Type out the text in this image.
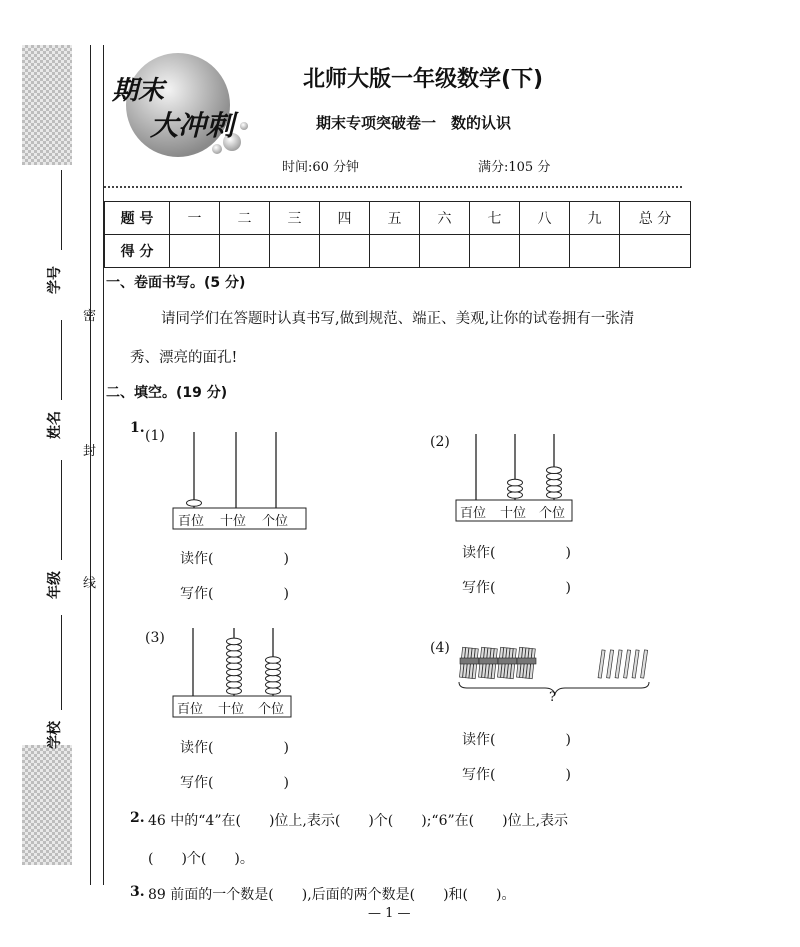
学号
姓名
年级
学校
密
封
线
期末
大冲刺
北师大版一年级数学(下)
期末专项突破卷一　数的认识
时间:60 分钟	满分:105 分
题 号	一	二	三	四	五	六	七	八	九	总 分
得 分										
一、卷面书写。(5 分)
请同学们在答题时认真书写,做到规范、端正、美观,让你的试卷拥有一张清
秀、漂亮的面孔!
二、填空。(19 分)
1. (1)	(2)
(3)
(4)
百位 十位 个位
读作(　　　　　)
写作(　　　　　)
百位 十位 个位
读作(　　　　　)
写作(　　　　　)
百位 十位 个位
读作(　　　　　)
写作(　　　　　)
?
读作(　　　　　)
写作(　　　　　)
2. 46 中的“4”在(　　)位上,表示(　　)个(　　);“6”在(　　)位上,表示
(　　)个(　　)。
3. 89 前面的一个数是(　　),后面的两个数是(　　)和(　　)。
— 1 —
